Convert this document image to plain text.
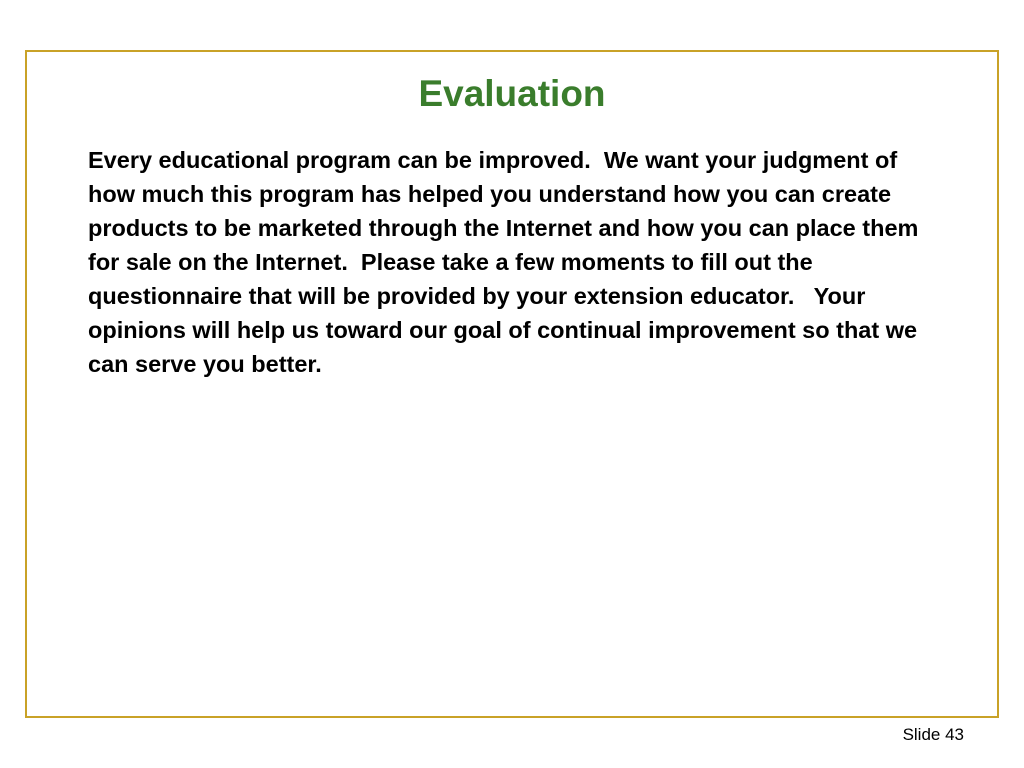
Evaluation

Every educational program can be improved.  We want your judgment of how much this program has helped you understand how you can create products to be marketed through the Internet and how you can place them for sale on the Internet.  Please take a few moments to fill out the questionnaire that will be provided by your extension educator.   Your opinions will help us toward our goal of continual improvement so that we can serve you better.

Slide 43
